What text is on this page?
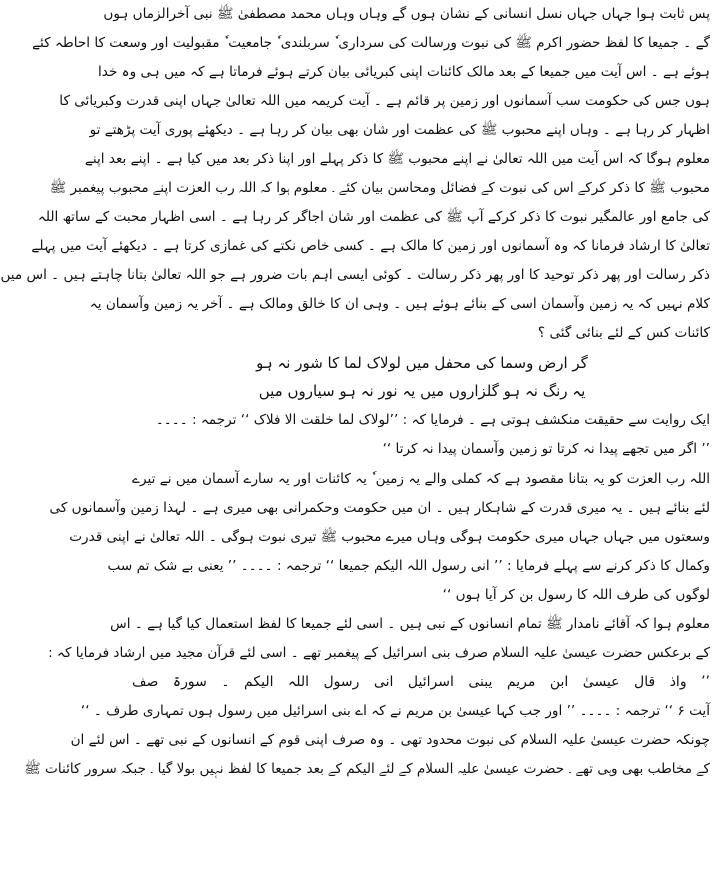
پس ثابت ہوا جہاں جہاں نسل انسانی کے نشان ہوں گے وہاں وہاں محمد مصطفیٰ ﷺ نبی آخرالزماں ہوں
گے ۔ جمیعا کا لفظ حضور اکرم ﷺ کی نبوت ورسالت کی سرداری ٗ سربلندی ٗ جامعیت ٗ مقبولیت اور وسعت کا احاطہ کئے
ہوئے ہے ۔ اس آیت میں جمیعا کے بعد مالک کائنات اپنی کبریائی بیان کرتے ہوئے فرماتا ہے کہ میں ہی وہ خدا
ہوں جس کی حکومت سب آسمانوں اور زمین پر قائم ہے ۔ آیت کریمہ میں اللہ تعالیٰ جہاں اپنی قدرت وکبریائی کا
اظہار کر رہا ہے ۔ وہاں اپنے محبوب ﷺ کی عظمت اور شان بھی بیان کر رہا ہے ۔ دیکھئے پوری آیت پڑھتے تو
معلوم ہوگا کہ اس آیت میں اللہ تعالیٰ نے اپنے محبوب ﷺ کا ذکر پہلے اور اپنا ذکر بعد میں کیا ہے ۔ اپنے بعد اپنے
محبوب ﷺ کا ذکر کرکے اس کی نبوت کے فضائل ومحاسن بیان کئے ۔ معلوم ہوا کہ اللہ رب العزت اپنے محبوب پیغمبر ﷺ
کی جامع اور عالمگیر نبوت کا ذکر کرکے آپ ﷺ کی عظمت اور شان اجاگر کر رہا ہے ۔ اسی اظہار محبت کے ساتھ اللہ
تعالیٰ کا ارشاد فرمانا کہ وہ آسمانوں اور زمین کا مالک ہے ۔ کسی خاص نکتے کی غمازی کرتا ہے ۔ دیکھئے آیت میں پہلے
ذکر رسالت اور پھر ذکر توحید کا اور پھر ذکر رسالت ۔ کوئی ایسی اہم بات ضرور ہے جو اللہ تعالیٰ بتانا چاہتے ہیں ۔ اس میں
کلام نہیں کہ یہ زمین وآسمان اسی کے بنائے ہوئے ہیں ۔ وہی ان کا خالق ومالک ہے ۔ آخر یہ زمین وآسمان یہ
کائنات کس کے لئے بنائی گئی ؟
گر ارض وسما کی محفل میں لولاک لما کا شور نہ ہو
یہ رنگ نہ ہو گلزاروں میں یہ نور نہ ہو سیاروں میں
ایک روایت سے حقیقت منکشف ہوتی ہے ۔ فرمایا کہ : ’’لولاک لما خلقت الا فلاک ‘‘ ترجمہ : ۔۔۔۔
’’ اگر میں تجھے پیدا نہ کرتا تو زمین وآسمان پیدا نہ کرتا ‘‘
اللہ رب العزت کو یہ بتانا مقصود ہے کہ کملی والے یہ زمین ٗ یہ کائنات اور یہ سارے آسمان میں نے تیرے
لئے بنائے ہیں ۔ یہ میری قدرت کے شاہکار ہیں ۔ ان میں حکومت وحکمرانی بھی میری ہے ۔ لہذا زمین وآسمانوں کی
وسعتوں میں جہاں جہاں میری حکومت ہوگی وہاں میرے محبوب ﷺ تیری نبوت ہوگی ۔ اللہ تعالیٰ نے اپنی قدرت
وکمال کا ذکر کرنے سے پہلے فرمایا : ’’ انی رسول اللہ الیکم جمیعا ‘‘ ترجمہ : ۔۔۔۔ ’’ یعنی بے شک تم سب
لوگوں کی طرف اللہ کا رسول بن کر آیا ہوں ‘‘
معلوم ہوا کہ آقائے نامدار ﷺ تمام انسانوں کے نبی ہیں ۔ اسی لئے جمیعا کا لفظ استعمال کیا گیا ہے ۔ اس
کے برعکس حضرت عیسیٰ علیہ السلام صرف بنی اسرائیل کے پیغمبر تھے ۔ اسی لئے قرآن مجید میں ارشاد فرمایا کہ :
’’ واذ قال عیسیٰ ابن مریم یبنی اسرائیل انی رسول اللہ الیکم ۔ سورۃ صف
آیت ۶ ‘‘ ترجمہ : ۔۔۔۔ ’’ اور جب کہا عیسیٰ بن مریم نے کہ اے بنی اسرائیل میں رسول ہوں تمہاری طرف ۔ ‘‘
چونکہ حضرت عیسیٰ علیہ السلام کی نبوت محدود تھی ۔ وہ صرف اپنی قوم کے انسانوں کے نبی تھے ۔ اس لئے ان
کے مخاطب بھی وہی تھے ۔ حضرت عیسیٰ علیہ السلام کے لئے الیکم کے بعد جمیعا کا لفظ نہیں بولا گیا ۔ جبکہ سرور کائنات ﷺ
